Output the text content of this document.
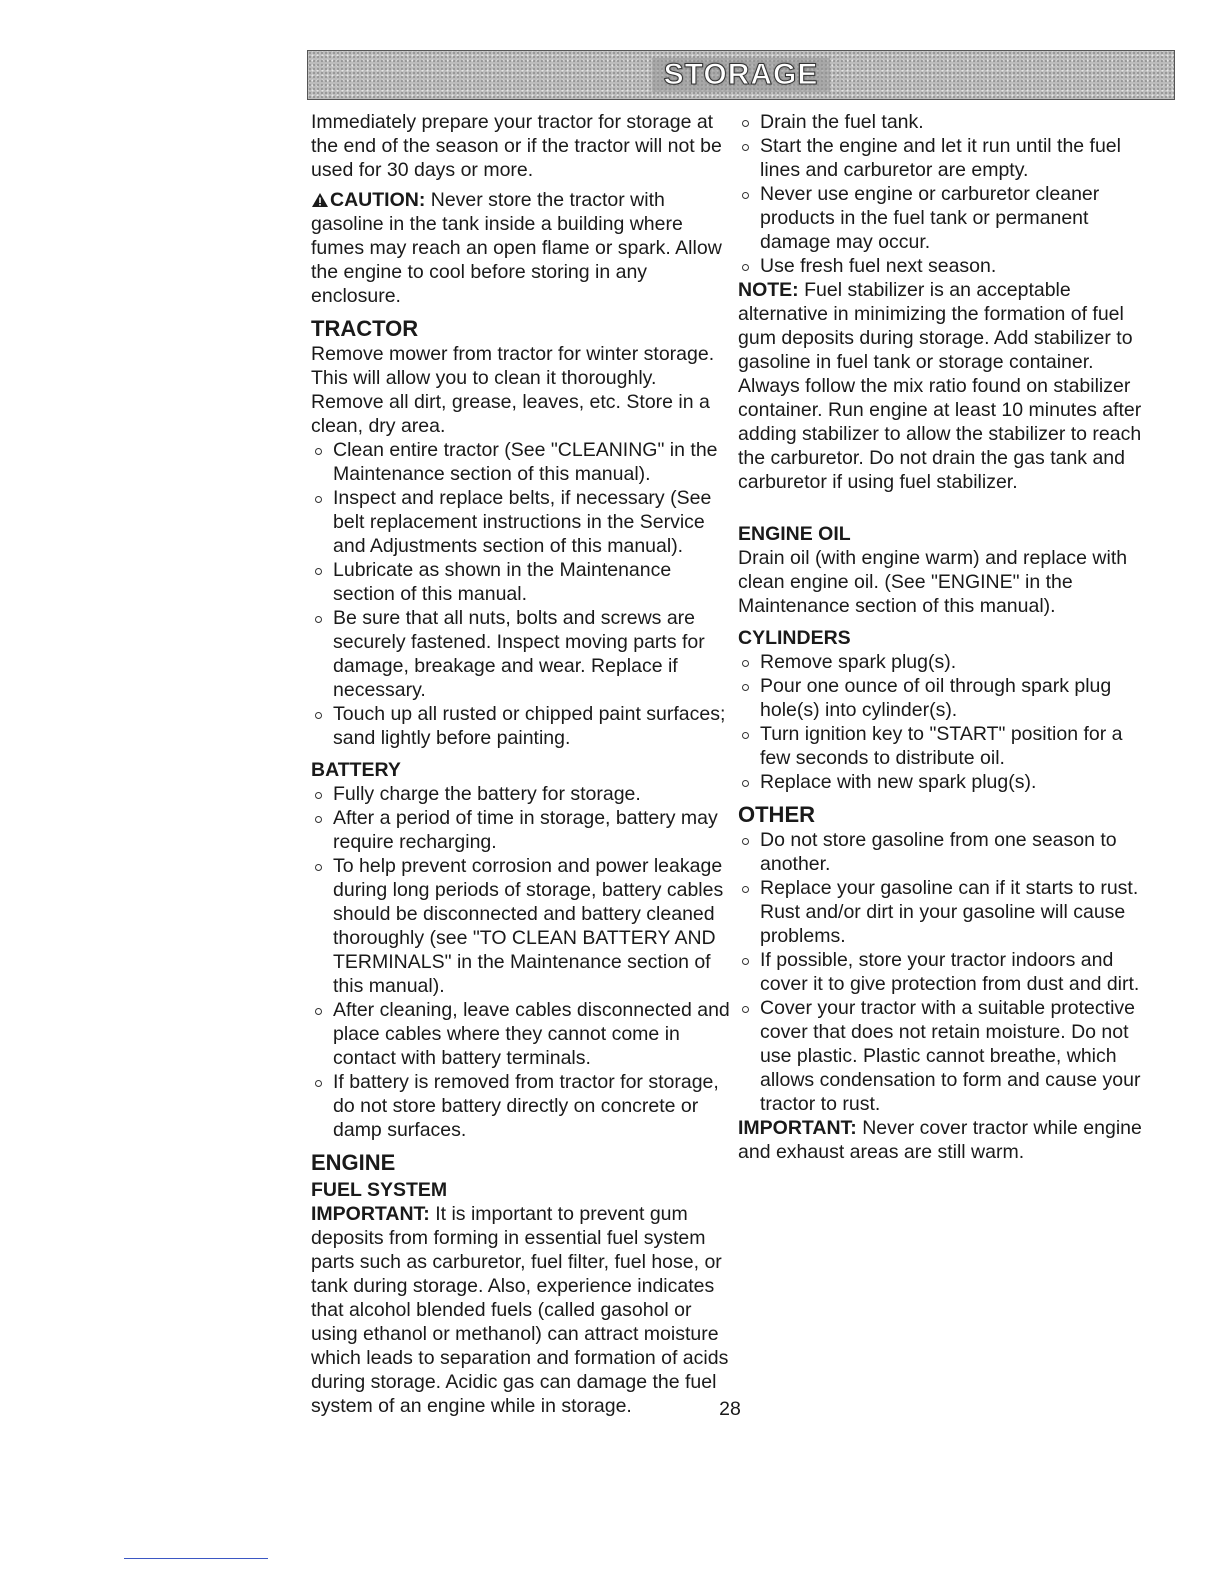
STORAGE

Immediately prepare your tractor for storage at the end of the season or if the tractor will not be used for 30 days or more.

CAUTION: Never store the tractor with gasoline in the tank inside a building where fumes may reach an open flame or spark. Allow the engine to cool before storing in any enclosure.

TRACTOR

Remove mower from tractor for winter storage. This will allow you to clean it thoroughly. Remove all dirt, grease, leaves, etc. Store in a clean, dry area.

Clean entire tractor (See "CLEANING" in the Maintenance section of this manual).
Inspect and replace belts, if necessary (See belt replacement instructions in the Service and Adjustments section of this manual).
Lubricate as shown in the Maintenance section of this manual.
Be sure that all nuts, bolts and screws are securely fastened. Inspect moving parts for damage, breakage and wear. Replace if necessary.
Touch up all rusted or chipped paint surfaces; sand lightly before painting.
BATTERY
Fully charge the battery for storage.
After a period of time in storage, battery may require recharging.
To help prevent corrosion and power leakage during long periods of storage, battery cables should be disconnected and battery cleaned thoroughly (see "TO CLEAN BATTERY AND TERMINALS" in the Maintenance section of this manual).
After cleaning, leave cables disconnected and place cables where they cannot come in contact with battery terminals.
If battery is removed from tractor for storage, do not store battery directly on concrete or damp surfaces.
ENGINE
FUEL SYSTEM

IMPORTANT: It is important to prevent gum deposits from forming in essential fuel system parts such as carburetor, fuel filter, fuel hose, or tank during storage. Also, experience indicates that alcohol blended fuels (called gasohol or using ethanol or methanol) can attract moisture which leads to separation and formation of acids during storage. Acidic gas can damage the fuel system of an engine while in storage.

Drain the fuel tank.
Start the engine and let it run until the fuel lines and carburetor are empty.
Never use engine or carburetor cleaner products in the fuel tank or permanent damage may occur.
Use fresh fuel next season.

NOTE: Fuel stabilizer is an acceptable alternative in minimizing the formation of fuel gum deposits during storage. Add stabilizer to gasoline in fuel tank or storage container. Always follow the mix ratio found on stabilizer container. Run engine at least 10 minutes after adding stabilizer to allow the stabilizer to reach the carburetor. Do not drain the gas tank and carburetor if using fuel stabilizer.

ENGINE OIL

Drain oil (with engine warm) and replace with clean engine oil. (See "ENGINE" in the Maintenance section of this manual).

CYLINDERS
Remove spark plug(s).
Pour one ounce of oil through spark plug hole(s) into cylinder(s).
Turn ignition key to "START" position for a few seconds to distribute oil.
Replace with new spark plug(s).
OTHER
Do not store gasoline from one season to another.
Replace your gasoline can if it starts to rust. Rust and/or dirt in your gasoline will cause problems.
If possible, store your tractor indoors and cover it to give protection from dust and dirt.
Cover your tractor with a suitable protective cover that does not retain moisture. Do not use plastic. Plastic cannot breathe, which allows condensation to form and cause your tractor to rust.

IMPORTANT: Never cover tractor while engine and exhaust areas are still warm.

28
